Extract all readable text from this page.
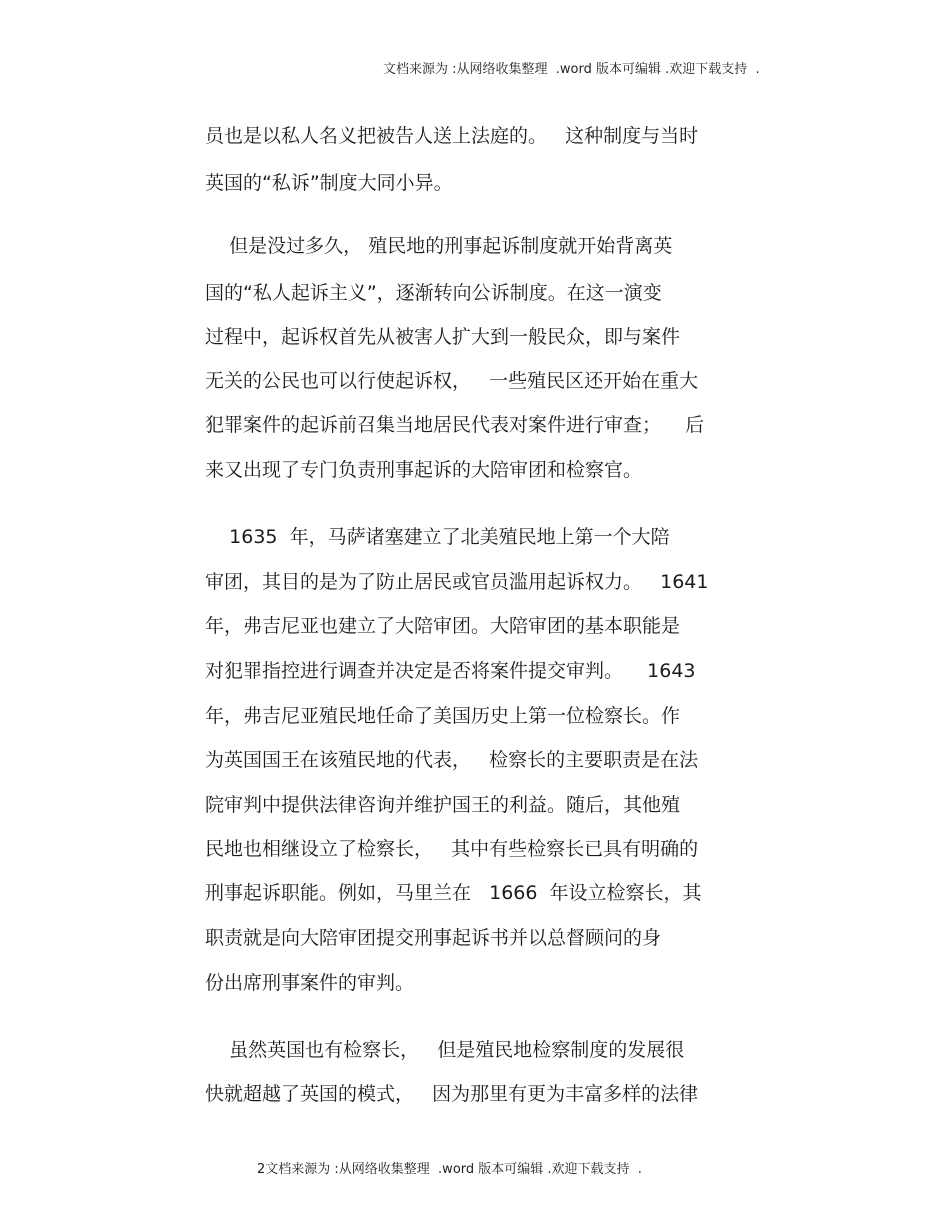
文档来源为 :从网络收集整理  .word 版本可编辑 .欢迎下载支持  .
员也是以私人名义把被告人送上法庭的。   这种制度与当时
英国的“私诉”制度大同小异。
但是没过多久， 殖民地的刑事起诉制度就开始背离英
国的“私人起诉主义”，逐渐转向公诉制度。在这一演变
过程中，起诉权首先从被害人扩大到一般民众，即与案件
无关的公民也可以行使起诉权，   一些殖民区还开始在重大
犯罪案件的起诉前召集当地居民代表对案件进行审查；    后
来又出现了专门负责刑事起诉的大陪审团和检察官。
1635  年，马萨诸塞建立了北美殖民地上第一个大陪
审团，其目的是为了防止居民或官员滥用起诉权力。   1641
年，弗吉尼亚也建立了大陪审团。大陪审团的基本职能是
对犯罪指控进行调查并决定是否将案件提交审判。    1643
年，弗吉尼亚殖民地任命了美国历史上第一位检察长。作
为英国国王在该殖民地的代表，   检察长的主要职责是在法
院审判中提供法律咨询并维护国王的利益。随后，其他殖
民地也相继设立了检察长，   其中有些检察长已具有明确的
刑事起诉职能。例如，马里兰在   1666  年设立检察长，其
职责就是向大陪审团提交刑事起诉书并以总督顾问的身
份出席刑事案件的审判。
虽然英国也有检察长，   但是殖民地检察制度的发展很
快就超越了英国的模式，   因为那里有更为丰富多样的法律
2文档来源为 :从网络收集整理  .word 版本可编辑 .欢迎下载支持  .
